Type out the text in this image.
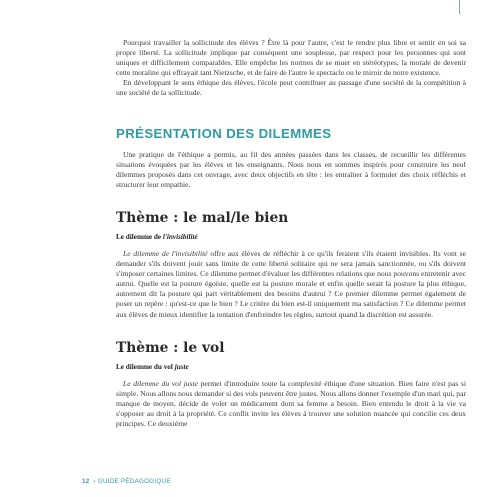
Pourquoi travailler la sollicitude des élèves ? Être là pour l'autre, c'est le rendre plus libre et sentir en soi sa propre liberté. La sollicitude implique par conséquent une souplesse, par respect pour les personnes qui sont uniques et difficilement comparables. Elle empêche les normes de se muer en stéréotypes, la morale de devenir cette moraline qui effrayait tant Nietzsche, et de faire de l'autre le spectacle ou le miroir de notre existence.

En développant le sens éthique des élèves, l'école peut contribuer au passage d'une société de la compétition à une société de la sollicitude.

PRÉSENTATION DES DILEMMES

Une pratique de l'éthique a permis, au fil des années passées dans les classes, de recueillir les différentes situations évoquées par les élèves et les enseignants. Nous nous en sommes inspirés pour construire les neuf dilemmes proposés dans cet ouvrage, avec deux objectifs en tête : les entraîner à formuler des choix réfléchis et structurer leur empathie.

Thème : le mal/le bien
Le dilemme de l'invisibilité

Le dilemme de l'invisibilité offre aux élèves de réfléchir à ce qu'ils feraient s'ils étaient invisibles. Ils vont se demander s'ils doivent jouir sans limite de cette liberté solitaire qui ne sera jamais sanctionnée, ou s'ils doivent s'imposer certaines limites. Ce dilemme permet d'évaluer les différentes relations que nous pouvons entretenir avec autrui. Quelle est la posture égoïste, quelle est la posture morale et enfin quelle serait la posture la plus éthique, autrement dit la posture qui part véritablement des besoins d'autrui ? Ce premier dilemme permet également de poser un repère : qu'est-ce que le bien ? Le critère du bien est-il uniquement ma satisfaction ? Ce dilemme permet aux élèves de mieux identifier la tentation d'enfreindre les règles, surtout quand la discrétion est assurée.

Thème : le vol
Le dilemme du vol juste

Le dilemme du vol juste permet d'introduire toute la complexité éthique d'une situation. Bien faire n'est pas si simple. Nous allons nous demander si des vols peuvent être justes. Nous allons donner l'exemple d'un mari qui, par manque de moyen, décide de voler un médicament dont sa femme a besoin. Bien entendu le droit à la vie va s'opposer au droit à la propriété. Ce conflit invite les élèves à trouver une solution nuancée qui concilie ces deux principes. Ce deuxième

12 › GUIDE PÉDAGOGIQUE
